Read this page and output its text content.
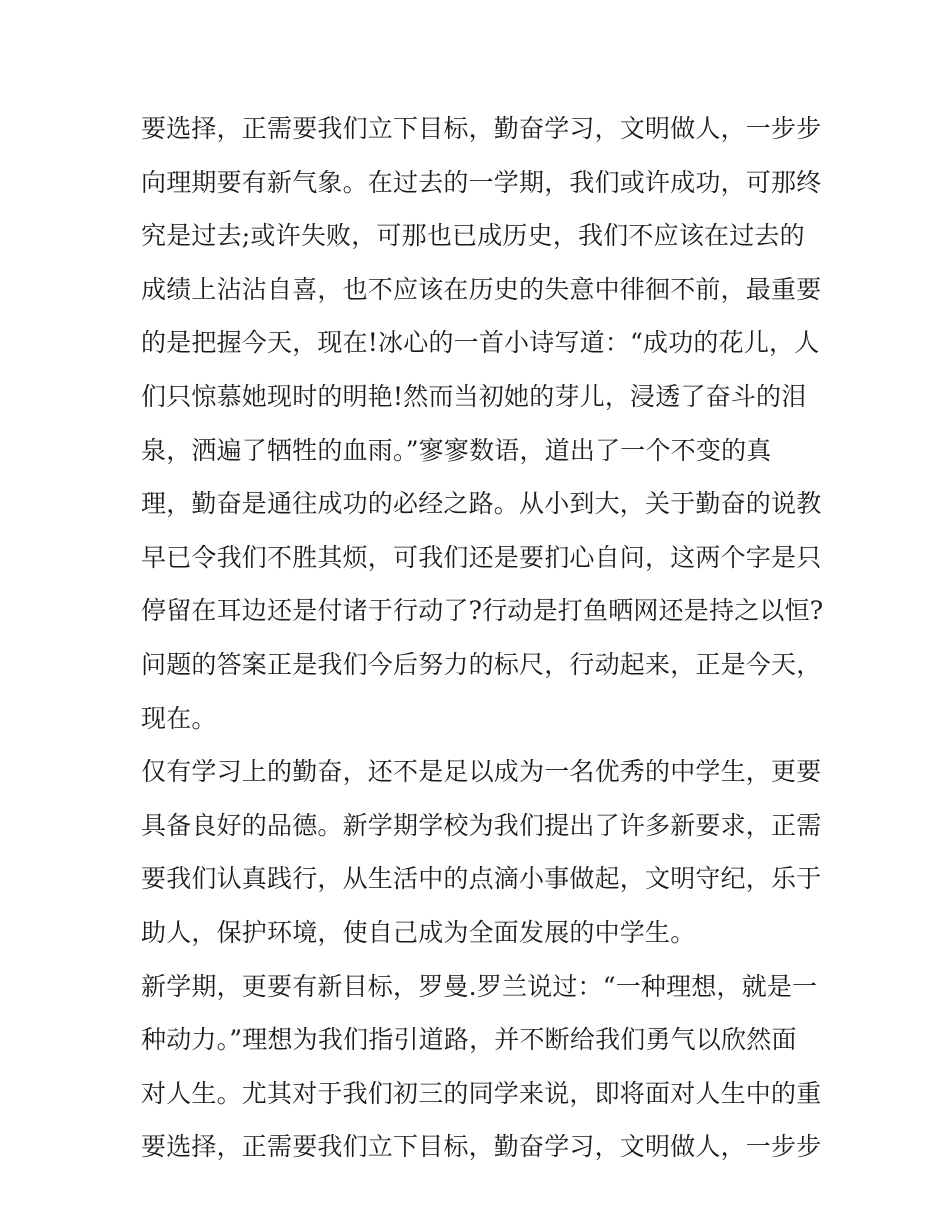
要选择，正需要我们立下目标，勤奋学习，文明做人，一步步
向理期要有新气象。在过去的一学期，我们或许成功，可那终
究是过去;或许失败，可那也已成历史，我们不应该在过去的
成绩上沾沾自喜，也不应该在历史的失意中徘徊不前，最重要
的是把握今天，现在!冰心的一首小诗写道：“成功的花儿，人
们只惊慕她现时的明艳!然而当初她的芽儿，浸透了奋斗的泪
泉，洒遍了牺牲的血雨。”寥寥数语，道出了一个不变的真
理，勤奋是通往成功的必经之路。从小到大，关于勤奋的说教
早已令我们不胜其烦，可我们还是要扪心自问，这两个字是只
停留在耳边还是付诸于行动了?行动是打鱼晒网还是持之以恒?
问题的答案正是我们今后努力的标尺，行动起来，正是今天，
现在。
仅有学习上的勤奋，还不是足以成为一名优秀的中学生，更要
具备良好的品德。新学期学校为我们提出了许多新要求，正需
要我们认真践行，从生活中的点滴小事做起，文明守纪，乐于
助人，保护环境，使自己成为全面发展的中学生。
新学期，更要有新目标，罗曼.罗兰说过：“一种理想，就是一
种动力。”理想为我们指引道路，并不断给我们勇气以欣然面
对人生。尤其对于我们初三的同学来说，即将面对人生中的重
要选择，正需要我们立下目标，勤奋学习，文明做人，一步步
